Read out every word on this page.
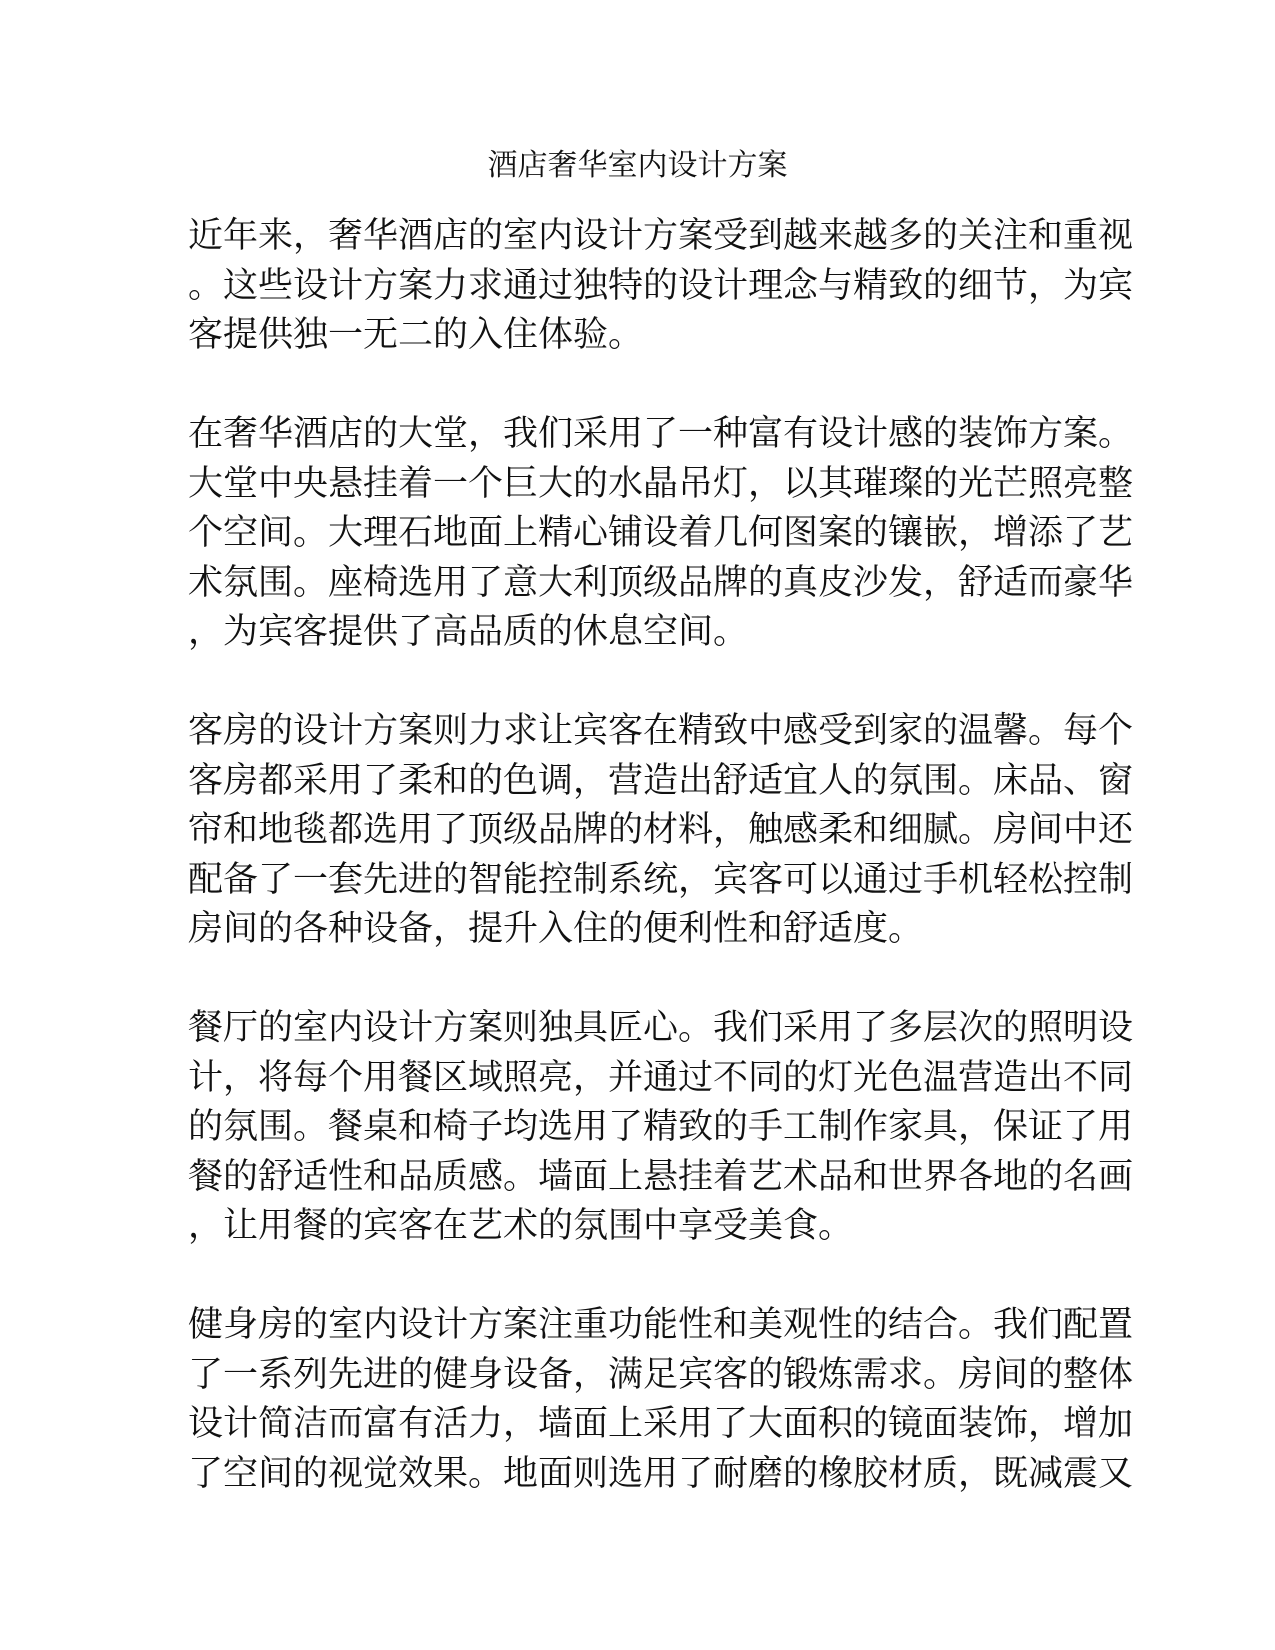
酒店奢华室内设计方案

近年来，奢华酒店的室内设计方案受到越来越多的关注和重视
。这些设计方案力求通过独特的设计理念与精致的细节，为宾
客提供独一无二的入住体验。

在奢华酒店的大堂，我们采用了一种富有设计感的装饰方案。
大堂中央悬挂着一个巨大的水晶吊灯，以其璀璨的光芒照亮整
个空间。大理石地面上精心铺设着几何图案的镶嵌，增添了艺
术氛围。座椅选用了意大利顶级品牌的真皮沙发，舒适而豪华
，为宾客提供了高品质的休息空间。

客房的设计方案则力求让宾客在精致中感受到家的温馨。每个
客房都采用了柔和的色调，营造出舒适宜人的氛围。床品、窗
帘和地毯都选用了顶级品牌的材料，触感柔和细腻。房间中还
配备了一套先进的智能控制系统，宾客可以通过手机轻松控制
房间的各种设备，提升入住的便利性和舒适度。

餐厅的室内设计方案则独具匠心。我们采用了多层次的照明设
计，将每个用餐区域照亮，并通过不同的灯光色温营造出不同
的氛围。餐桌和椅子均选用了精致的手工制作家具，保证了用
餐的舒适性和品质感。墙面上悬挂着艺术品和世界各地的名画
，让用餐的宾客在艺术的氛围中享受美食。

健身房的室内设计方案注重功能性和美观性的结合。我们配置
了一系列先进的健身设备，满足宾客的锻炼需求。房间的整体
设计简洁而富有活力，墙面上采用了大面积的镜面装饰，增加
了空间的视觉效果。地面则选用了耐磨的橡胶材质，既减震又
